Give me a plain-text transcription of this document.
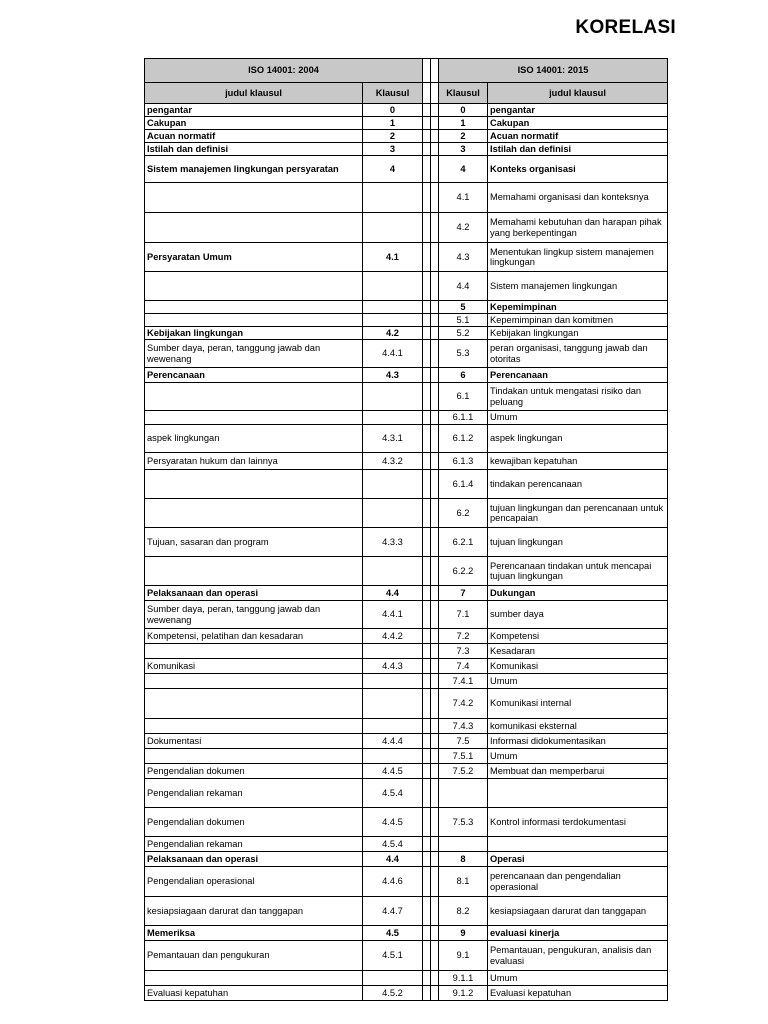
KORELASI
ISO 14001: 2004				ISO 14001: 2015	
judul klausul	Klausul			Klausul	judul klausul
pengantar	0			0	pengantar
Cakupan	1			1	Cakupan
Acuan normatif	2			2	Acuan normatif
Istilah dan definisi	3			3	Istilah dan definisi
Sistem manajemen lingkungan persyaratan	4			4	Konteks organisasi
				4.1	Memahami organisasi dan konteksnya
				4.2	Memahami kebutuhan dan harapan pihak yang berkepentingan
Persyaratan Umum	4.1			4.3	Menentukan lingkup sistem manajemen lingkungan
				4.4	Sistem manajemen lingkungan
				5	Kepemimpinan
				5.1	Kepemimpinan dan komitmen
Kebijakan lingkungan	4.2			5.2	Kebijakan lingkungan
Sumber daya, peran, tanggung jawab dan wewenang	4.4.1			5.3	peran organisasi, tanggung jawab dan otoritas
Perencanaan	4.3			6	Perencanaan
				6.1	Tindakan untuk mengatasi risiko dan peluang
				6.1.1	Umum
aspek lingkungan	4.3.1			6.1.2	aspek lingkungan
Persyaratan hukum dan lainnya	4.3.2			6.1.3	kewajiban kepatuhan
				6.1.4	tindakan perencanaan
				6.2	tujuan lingkungan dan perencanaan untuk pencapaian
Tujuan, sasaran dan program	4.3.3			6.2.1	tujuan lingkungan
				6.2.2	Perencanaan tindakan untuk mencapai tujuan lingkungan
Pelaksanaan dan operasi	4.4			7	Dukungan
Sumber daya, peran, tanggung jawab dan wewenang	4.4.1			7.1	sumber daya
Kompetensi, pelatihan dan kesadaran	4.4.2			7.2	Kompetensi
				7.3	Kesadaran
Komunikasi	4.4.3			7.4	Komunikasi
				7.4.1	Umum
				7.4.2	Komunikasi internal
				7.4.3	komunikasi eksternal
Dokumentasi	4.4.4			7.5	Informasi didokumentasikan
				7.5.1	Umum
Pengendalian dokumen	4.4.5			7.5.2	Membuat dan memperbarui
Pengendalian rekaman	4.5.4				
Pengendalian dokumen	4.4.5			7.5.3	Kontrol informasi terdokumentasi
Pengendalian rekaman	4.5.4				
Pelaksanaan dan operasi	4.4			8	Operasi
Pengendalian operasional	4.4.6			8.1	perencanaan dan pengendalian operasional
kesiapsiagaan darurat dan tanggapan	4.4.7			8.2	kesiapsiagaan darurat dan tanggapan
Memeriksa	4.5			9	evaluasi kinerja
Pemantauan dan pengukuran	4.5.1			9.1	Pemantauan, pengukuran, analisis dan evaluasi
				9.1.1	Umum
Evaluasi kepatuhan	4.5.2			9.1.2	Evaluasi kepatuhan
